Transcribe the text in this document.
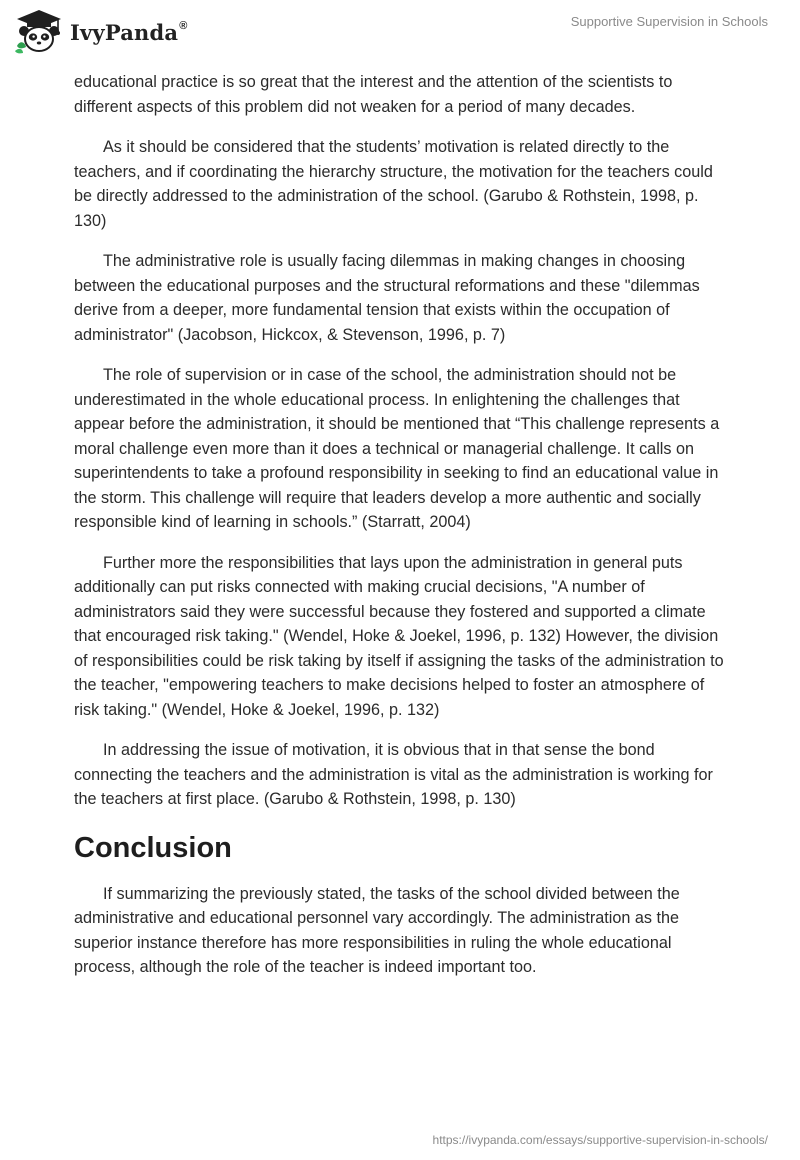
IvyPanda®	Supportive Supervision in Schools

educational practice is so great that the interest and the attention of the scientists to different aspects of this problem did not weaken for a period of many decades.

As it should be considered that the students’ motivation is related directly to the teachers, and if coordinating the hierarchy structure, the motivation for the teachers could be directly addressed to the administration of the school. (Garubo & Rothstein, 1998, p. 130)

The administrative role is usually facing dilemmas in making changes in choosing between the educational purposes and the structural reformations and these "dilemmas derive from a deeper, more fundamental tension that exists within the occupation of administrator" (Jacobson, Hickcox, & Stevenson, 1996, p. 7)

The role of supervision or in case of the school, the administration should not be underestimated in the whole educational process. In enlightening the challenges that appear before the administration, it should be mentioned that “This challenge represents a moral challenge even more than it does a technical or managerial challenge. It calls on superintendents to take a profound responsibility in seeking to find an educational value in the storm. This challenge will require that leaders develop a more authentic and socially responsible kind of learning in schools.” (Starratt, 2004)

Further more the responsibilities that lays upon the administration in general puts additionally can put risks connected with making crucial decisions, "A number of administrators said they were successful because they fostered and supported a climate that encouraged risk taking." (Wendel, Hoke & Joekel, 1996, p. 132) However, the division of responsibilities could be risk taking by itself if assigning the tasks of the administration to the teacher, "empowering teachers to make decisions helped to foster an atmosphere of risk taking." (Wendel, Hoke & Joekel, 1996, p. 132)

In addressing the issue of motivation, it is obvious that in that sense the bond connecting the teachers and the administration is vital as the administration is working for the teachers at first place. (Garubo & Rothstein, 1998, p. 130)

Conclusion

If summarizing the previously stated, the tasks of the school divided between the administrative and educational personnel vary accordingly. The administration as the superior instance therefore has more responsibilities in ruling the whole educational process, although the role of the teacher is indeed important too.

https://ivypanda.com/essays/supportive-supervision-in-schools/
